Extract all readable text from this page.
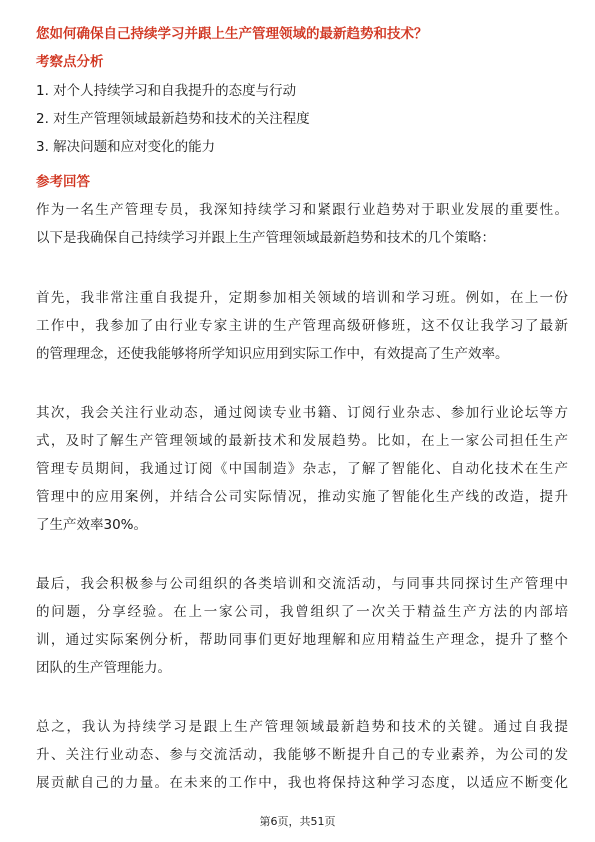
您如何确保自己持续学习并跟上生产管理领域的最新趋势和技术？
考察点分析
1. 对个人持续学习和自我提升的态度与行动
2. 对生产管理领域最新趋势和技术的关注程度
3. 解决问题和应对变化的能力
参考回答
作为一名生产管理专员，我深知持续学习和紧跟行业趋势对于职业发展的重要性。
以下是我确保自己持续学习并跟上生产管理领域最新趋势和技术的几个策略：
首先，我非常注重自我提升，定期参加相关领域的培训和学习班。例如，在上一份
工作中，我参加了由行业专家主讲的生产管理高级研修班，这不仅让我学习了最新
的管理理念，还使我能够将所学知识应用到实际工作中，有效提高了生产效率。
其次，我会关注行业动态，通过阅读专业书籍、订阅行业杂志、参加行业论坛等方
式，及时了解生产管理领域的最新技术和发展趋势。比如，在上一家公司担任生产
管理专员期间，我通过订阅《中国制造》杂志，了解了智能化、自动化技术在生产
管理中的应用案例，并结合公司实际情况，推动实施了智能化生产线的改造，提升
了生产效率30%。
最后，我会积极参与公司组织的各类培训和交流活动，与同事共同探讨生产管理中
的问题，分享经验。在上一家公司，我曾组织了一次关于精益生产方法的内部培
训，通过实际案例分析，帮助同事们更好地理解和应用精益生产理念，提升了整个
团队的生产管理能力。
总之，我认为持续学习是跟上生产管理领域最新趋势和技术的关键。通过自我提
升、关注行业动态、参与交流活动，我能够不断提升自己的专业素养，为公司的发
展贡献自己的力量。在未来的工作中，我也将保持这种学习态度，以适应不断变化
第6页，共51页
